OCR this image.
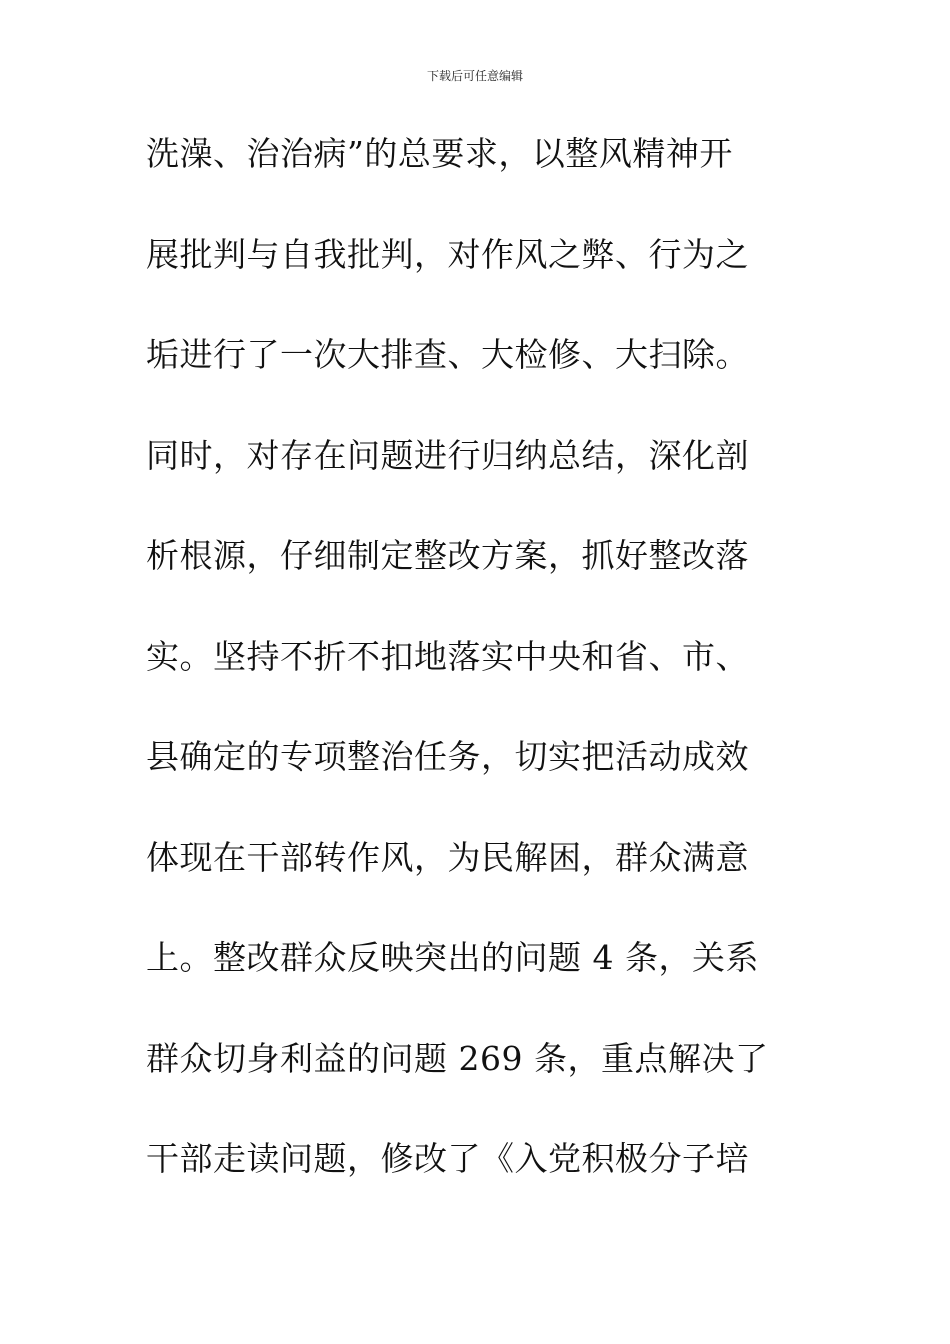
下载后可任意编辑
洗澡、治治病”的总要求，以整风精神开
展批判与自我批判，对作风之弊、行为之
垢进行了一次大排查、大检修、大扫除。
同时，对存在问题进行归纳总结，深化剖
析根源，仔细制定整改方案，抓好整改落
实。坚持不折不扣地落实中央和省、市、
县确定的专项整治任务，切实把活动成效
体现在干部转作风，为民解困，群众满意
上。整改群众反映突出的问题 4 条，关系
群众切身利益的问题 269 条，重点解决了
干部走读问题，修改了《入党积极分子培
